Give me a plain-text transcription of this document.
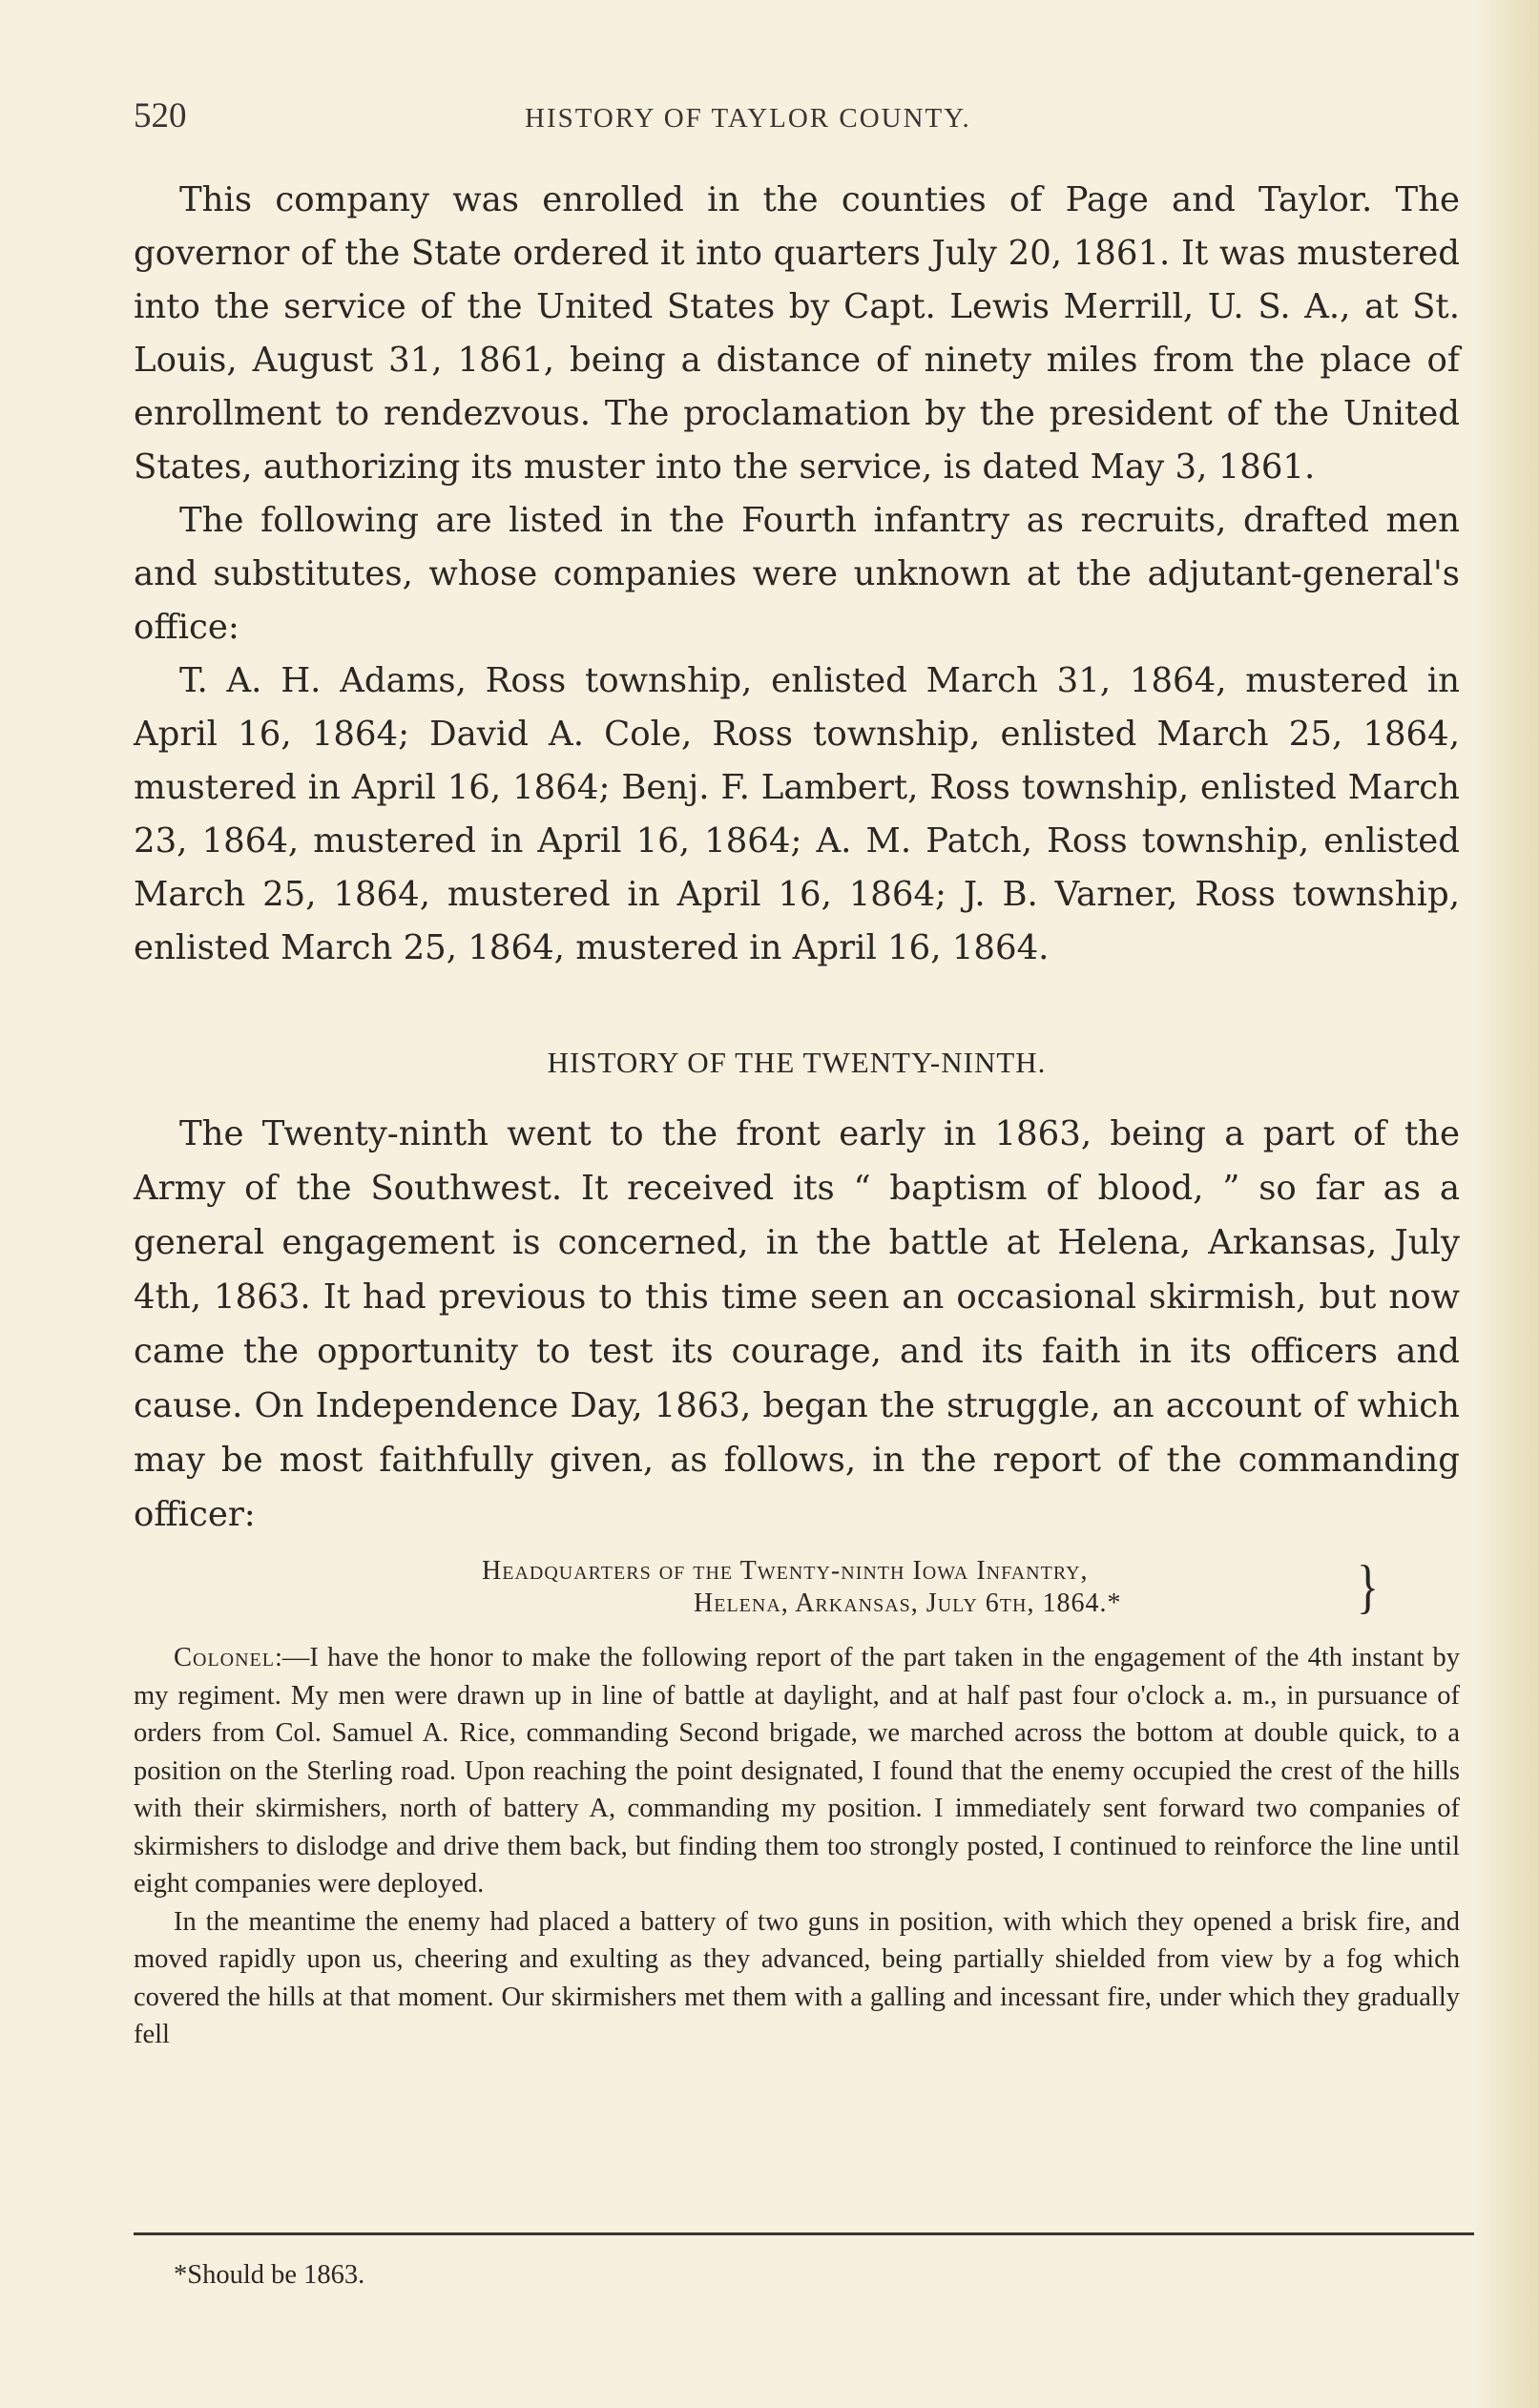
520	HISTORY OF TAYLOR COUNTY.

This company was enrolled in the counties of Page and Taylor. The governor of the State ordered it into quarters July 20, 1861. It was mustered into the service of the United States by Capt. Lewis Merrill, U. S. A., at St. Louis, August 31, 1861, being a distance of ninety miles from the place of enrollment to rendezvous. The proclamation by the president of the United States, authorizing its muster into the service, is dated May 3, 1861.

The following are listed in the Fourth infantry as recruits, drafted men and substitutes, whose companies were unknown at the adjutant-general's office:

T. A. H. Adams, Ross township, enlisted March 31, 1864, mustered in April 16, 1864; David A. Cole, Ross township, enlisted March 25, 1864, mustered in April 16, 1864; Benj. F. Lambert, Ross township, enlisted March 23, 1864, mustered in April 16, 1864; A. M. Patch, Ross township, enlisted March 25, 1864, mustered in April 16, 1864; J. B. Varner, Ross township, enlisted March 25, 1864, mustered in April 16, 1864.

HISTORY OF THE TWENTY-NINTH.

The Twenty-ninth went to the front early in 1863, being a part of the Army of the Southwest. It received its “ baptism of blood, ” so far as a general engagement is concerned, in the battle at Helena, Arkansas, July 4th, 1863. It had previous to this time seen an occasional skirmish, but now came the opportunity to test its courage, and its faith in its officers and cause. On Independence Day, 1863, began the struggle, an account of which may be most faithfully given, as follows, in the report of the commanding officer:

Headquarters of the Twenty-ninth Iowa Infantry,
Helena, Arkansas, July 6th, 1864.*	}

Colonel:—I have the honor to make the following report of the part taken in the engagement of the 4th instant by my regiment. My men were drawn up in line of battle at daylight, and at half past four o'clock a. m., in pursuance of orders from Col. Samuel A. Rice, commanding Second brigade, we marched across the bottom at double quick, to a position on the Sterling road. Upon reaching the point designated, I found that the enemy occupied the crest of the hills with their skirmishers, north of battery A, commanding my position. I immediately sent forward two companies of skirmishers to dislodge and drive them back, but finding them too strongly posted, I continued to reinforce the line until eight companies were deployed.

In the meantime the enemy had placed a battery of two guns in position, with which they opened a brisk fire, and moved rapidly upon us, cheering and exulting as they advanced, being partially shielded from view by a fog which covered the hills at that moment. Our skirmishers met them with a galling and incessant fire, under which they gradually fell

*Should be 1863.
